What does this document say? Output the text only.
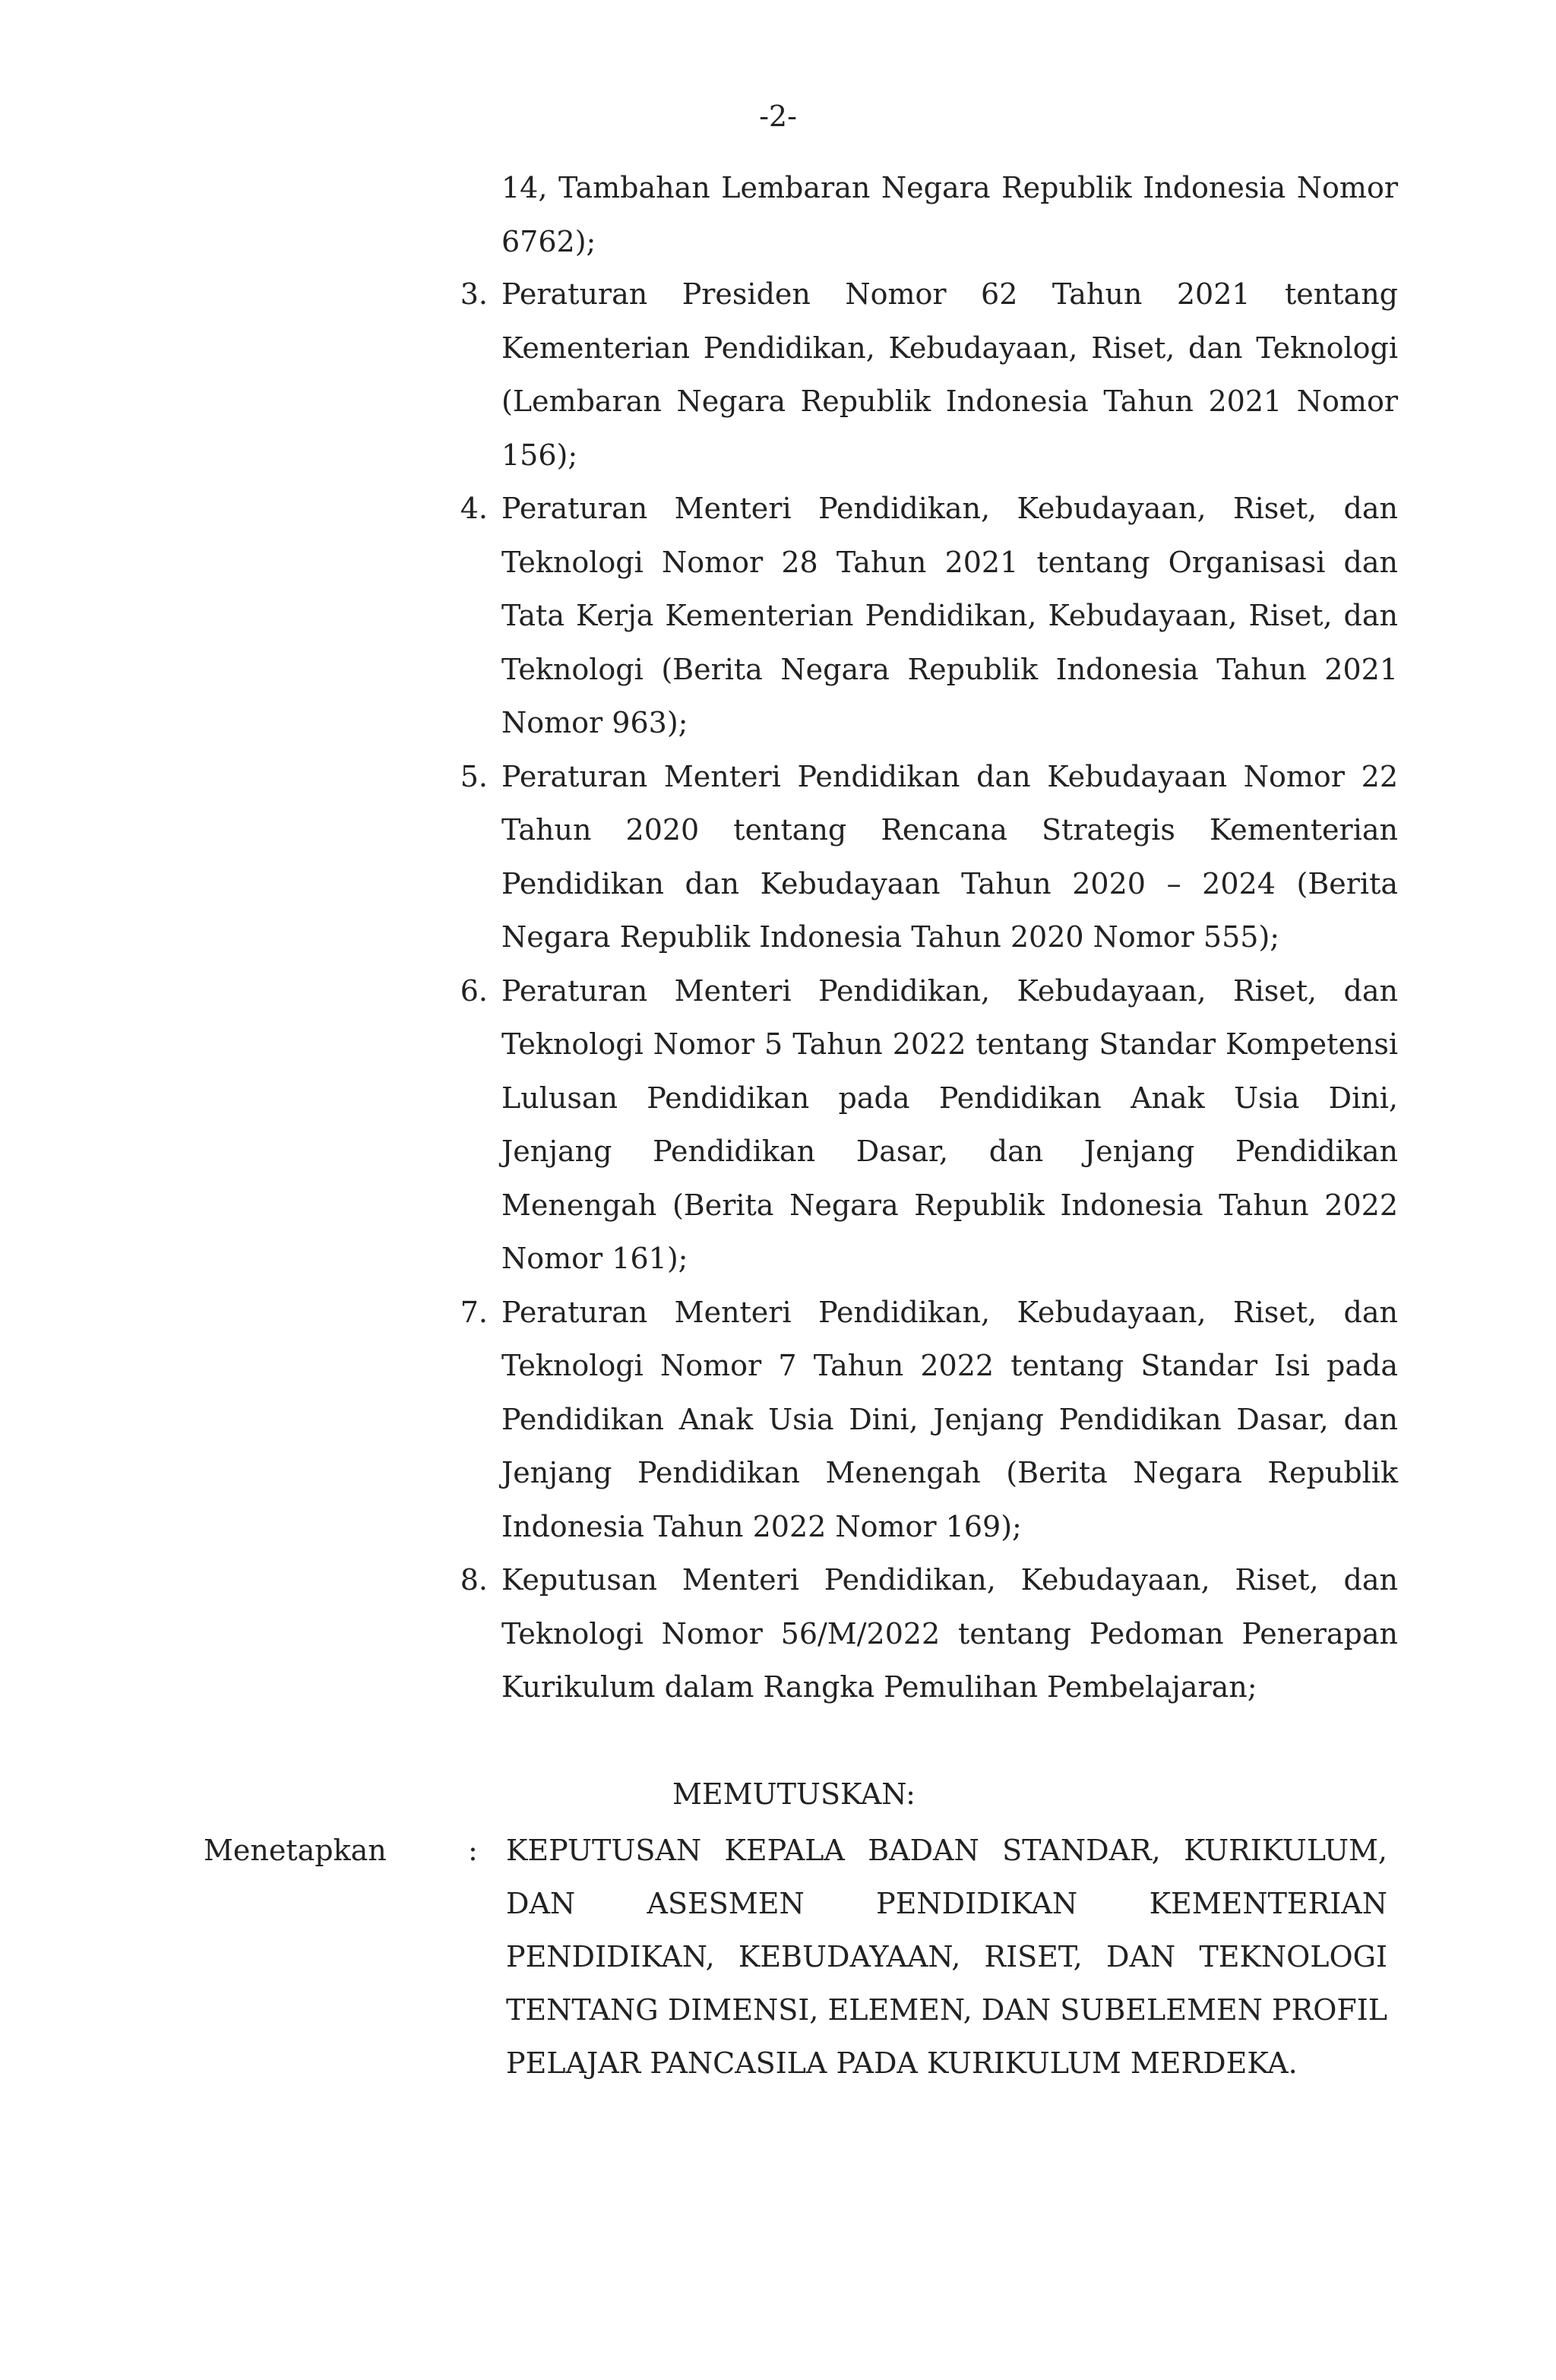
-2-
14, Tambahan Lembaran Negara Republik Indonesia Nomor 6762);
3. Peraturan Presiden Nomor 62 Tahun 2021 tentang Kementerian Pendidikan, Kebudayaan, Riset, dan Teknologi (Lembaran Negara Republik Indonesia Tahun 2021 Nomor 156);
4. Peraturan Menteri Pendidikan, Kebudayaan, Riset, dan Teknologi Nomor 28 Tahun 2021 tentang Organisasi dan Tata Kerja Kementerian Pendidikan, Kebudayaan, Riset, dan Teknologi (Berita Negara Republik Indonesia Tahun 2021 Nomor 963);
5. Peraturan Menteri Pendidikan dan Kebudayaan Nomor 22 Tahun 2020 tentang Rencana Strategis Kementerian Pendidikan dan Kebudayaan Tahun 2020 – 2024 (Berita Negara Republik Indonesia Tahun 2020 Nomor 555);
6. Peraturan Menteri Pendidikan, Kebudayaan, Riset, dan Teknologi Nomor 5 Tahun 2022 tentang Standar Kompetensi Lulusan Pendidikan pada Pendidikan Anak Usia Dini, Jenjang Pendidikan Dasar, dan Jenjang Pendidikan Menengah (Berita Negara Republik Indonesia Tahun 2022 Nomor 161);
7. Peraturan Menteri Pendidikan, Kebudayaan, Riset, dan Teknologi Nomor 7 Tahun 2022 tentang Standar Isi pada Pendidikan Anak Usia Dini, Jenjang Pendidikan Dasar, dan Jenjang Pendidikan Menengah (Berita Negara Republik Indonesia Tahun 2022 Nomor 169);
8. Keputusan Menteri Pendidikan, Kebudayaan, Riset, dan Teknologi Nomor 56/M/2022 tentang Pedoman Penerapan Kurikulum dalam Rangka Pemulihan Pembelajaran;
MEMUTUSKAN:
Menetapkan	: KEPUTUSAN KEPALA BADAN STANDAR, KURIKULUM, DAN ASESMEN PENDIDIKAN KEMENTERIAN PENDIDIKAN, KEBUDAYAAN, RISET, DAN TEKNOLOGI TENTANG DIMENSI, ELEMEN, DAN SUBELEMEN PROFIL PELAJAR PANCASILA PADA KURIKULUM MERDEKA.
